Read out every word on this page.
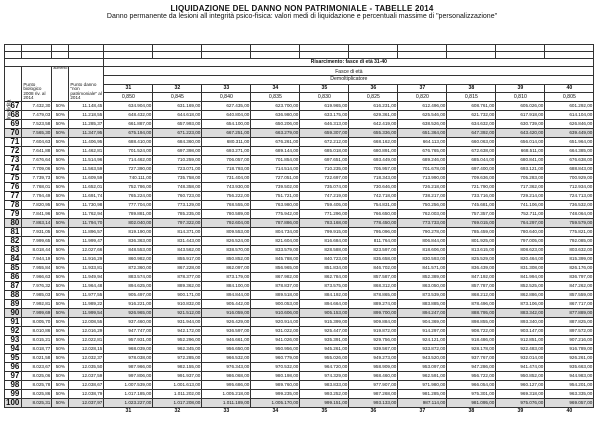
LIQUIDAZIONE DEL DANNO NON PATRIMONIALE - TABELLE 2014
Danno permanente da lesioni all integrità psico-fisica: valori medi di liquidazione e percentuali massime di "personalizzazione"

				Risarcimento: fasce di età 31-40									

Invalidità	Punto biologico 2008 riv. al 2014	aumento	Punto danno "non patrimoniale" al 2014	Fasce di età									
				Demoltiplicatore									
				31	32	33	34	35	36	37	38	39	40
				0,850	0,845	0,840	0,835	0,830	0,825	0,820	0,815	0,810	0,805
67	7.432,30	50%	11.148,45	634.904,00	631.169,00	627.435,00	623.700,00	619.965,00	616.231,00	612.496,00	608.761,00	605.026,00	601.292,00
68	7.479,03	50%	11.218,55	648.432,00	644.618,00	640.804,00	636.980,00	633.175,00	629.361,00	625.546,00	621.732,00	617.918,00	614.104,00
69	7.523,58	50%	11.285,37	661.887,00	657.993,00	654.100,00	650.206,00	646.313,00	642.419,00	638.526,00	634.632,00	630.739,00	626.846,00
70	7.565,30	50%	11.347,95	675.194,00	671.223,00	667.251,00	663.279,00	659.307,00	655.336,00	651.364,00	647.392,00	643.420,00	639.449,00
71	7.604,63	50%	11.406,95	688.410,00	684.360,00	680.311,00	676.261,00	672.212,00	668.162,00	664.113,00	660.063,00	656.014,00	651.964,00
72	7.641,88	50%	11.462,81	701.524,00	697.398,00	693.271,00	689.144,00	685.018,00	680.891,00	676.765,00	672.638,00	668.511,00	664.385,00
73	7.676,64	50%	11.514,96	714.462,00	710.259,00	706.057,00	701.854,00	697.651,00	693.449,00	689.246,00	685.044,00	680.841,00	676.638,00
74	7.709,06	50%	11.563,59	727.390,00	723.071,00	718.793,00	714.514,00	710.235,00	705.957,00	701.678,00	697.400,00	693.121,00	688.843,00
75	7.739,73	50%	11.609,59	740.111,00	735.758,00	731.404,00	727.051,00	722.697,00	718.343,00	713.990,00	709.636,00	705.283,00	700.929,00
76	7.768,01	50%	11.652,01	752.786,00	748.358,00	743.930,00	739.502,00	735.074,00	730.646,00	726.218,00	721.790,00	717.362,00	712.934,00
77	7.794,49	50%	11.691,74	765.224,00	760.723,00	756.222,00	751.721,00	747.219,00	742.718,00	738.217,00	733.716,00	729.214,00	724.713,00
78	7.820,95	50%	11.730,98	777.704,00	773.129,00	768.555,00	763.980,00	759.405,00	754.831,00	750.256,00	745.681,00	741.106,00	736.532,00
79	7.841,96	50%	11.762,94	789.881,00	785.235,00	780.589,00	775.942,00	771.296,00	766.650,00	762.003,00	757.357,00	752.711,00	748.064,00
80	7.863,14	50%	11.794,70	802.040,00	797.322,00	792.604,00	787.886,00	783.168,00	778.450,00	773.733,00	769.015,00	764.297,00	759.579,00
81	7.931,05	50%	11.896,57	819.190,00	814.371,00	809.553,00	804.734,00	799.915,00	795.096,00	790.278,00	785.459,00	780.640,00	775.821,00
82	7.999,65	50%	11.999,47	836.363,00	831.443,00	826.524,00	821.604,00	816.684,00	811.764,00	806.844,00	801.925,00	797.005,00	792.085,00
83	8.018,44	50%	12.027,66	848.553,00	843.562,00	838.570,00	833.579,00	828.588,00	823.597,00	818.606,00	813.615,00	808.623,00	803.632,00
84	7.944,19	50%	11.916,29	860.982,00	855.917,00	850.852,00	845.788,00	840.723,00	835.658,00	830.593,00	825.529,00	820.464,00	815.399,00
85	7.955,84	50%	11.933,81	872.360,00	867.228,00	862.097,00	856.965,00	851.834,00	846.702,00	841.571,00	836.439,00	831.308,00	826.176,00
86	7.966,63	50%	11.949,94	883.574,00	878.377,00	873.179,00	867.982,00	862.784,00	857.587,00	852.389,00	847.192,00	841.994,00	836.797,00
87	7.976,32	50%	11.964,48	894.625,00	889.362,00	884.100,00	878.837,00	873.575,00	868.312,00	863.050,00	857.787,00	852.525,00	847.262,00
88	7.985,03	50%	11.977,55	905.497,00	900.171,00	894.844,00	889.518,00	884.192,00	878.865,00	873.539,00	868.212,00	862.886,00	857.559,00
89	7.992,81	50%	11.989,22	916.221,00	910.832,00	905.442,00	900.053,00	894.664,00	889.274,00	883.885,00	878.496,00	873.106,00	867.717,00
90	7.999,69	50%	11.999,54	926.965,00	921.512,00	916.059,00	910.606,00	905.153,00	899.700,00	894.247,00	888.795,00	883.342,00	877.889,00
91	8.005,70	50%	12.008,55	937.460,00	931.944,00	926.429,00	920.914,00	915.399,00	909.884,00	904.369,00	898.855,00	893.340,00	887.825,00
92	8.010,86	50%	12.016,29	947.747,00	942.172,00	936.597,00	931.022,00	925.447,00	919.872,00	914.297,00	908.722,00	903.147,00	897.572,00
93	8.015,21	50%	12.022,81	957.931,00	952.296,00	946.661,00	941.026,00	935.391,00	929.756,00	924.121,00	918.486,00	912.851,00	907.216,00
94	8.018,77	50%	12.028,15	968.039,00	962.345,00	956.650,00	950.956,00	945.261,00	939.567,00	933.872,00	928.178,00	922.483,00	916.789,00
95	8.021,58	50%	12.032,37	978.038,00	972.285,00	966.532,00	960.779,00	955.026,00	949.273,00	943.520,00	937.767,00	932.014,00	926.261,00
96	8.023,67	50%	12.035,50	987.966,00	982.155,00	976.343,00	970.532,00	964.720,00	958.909,00	953.097,00	947.286,00	941.474,00	935.663,00
97	8.025,06	50%	12.037,59	997.806,00	991.937,00	986.068,00	980.198,00	974.329,00	968.460,00	962.591,00	956.722,00	950.852,00	944.983,00
98	8.025,78	50%	12.038,67	1.007.539,00	1.001.613,00	995.686,00	989.760,00	983.833,00	977.907,00	971.980,00	966.054,00	960.127,00	954.201,00
99	8.025,86	50%	12.038,79	1.017.185,00	1.011.202,00	1.005.218,00	999.235,00	993.252,00	987.268,00	981.285,00	975.301,00	969.318,00	963.335,00
100	8.025,31	50%	12.037,97	1.023.227,00	1.017.208,00	1.011.189,00	1.005.170,00	999.151,00	993.133,00	987.114,00	981.095,00	975.076,00	969.057,00
				31	32	33	34	35	36	37	38	39	40
